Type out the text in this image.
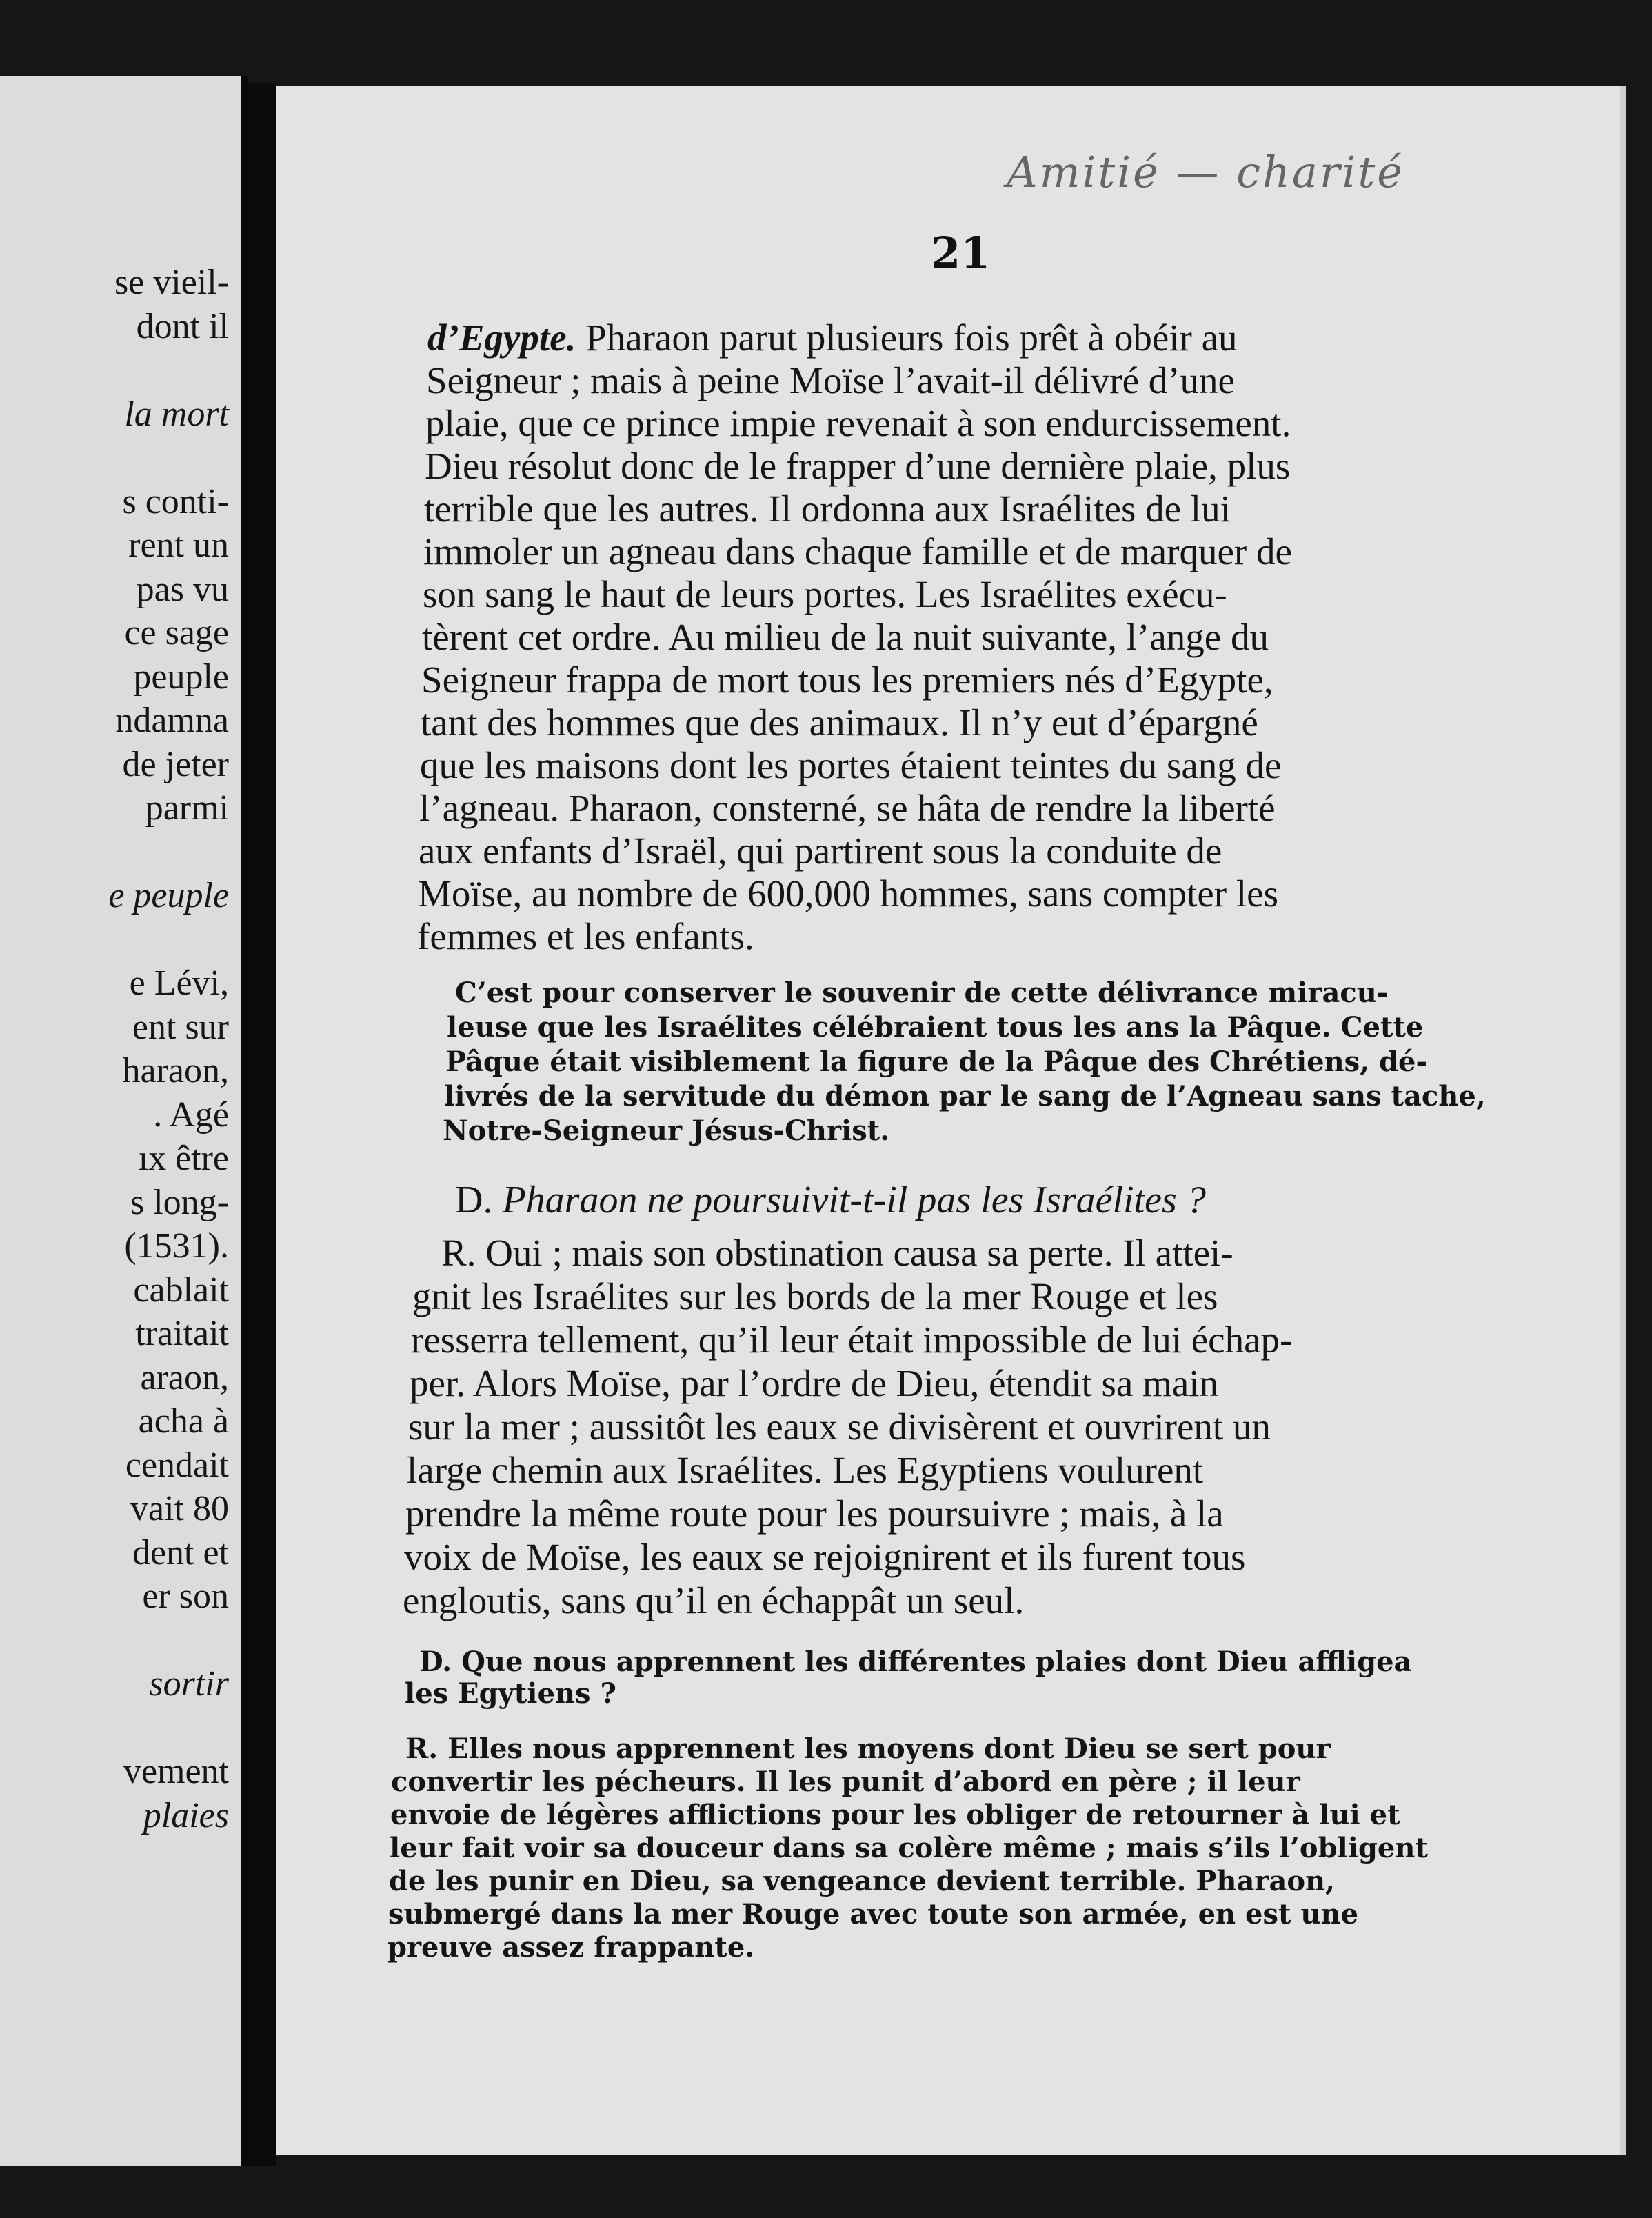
se vieil-
dont il
la mort
s conti-
rent un
pas vu
ce sage
peuple
ndamna
de jeter
parmi
e peuple
e Lévi,
ent sur
haraon,
. Agé
ıx être
s long-
(1531).
cablait
traitait
araon,
acha à
cendait
vait 80
dent et
er son
sortir
vement
plaies
Amitié — charité
21
d’Egypte. Pharaon parut plusieurs fois prêt à obéir au
Seigneur ; mais à peine Moïse l’avait-il délivré d’une
plaie, que ce prince impie revenait à son endurcissement.
Dieu résolut donc de le frapper d’une dernière plaie, plus
terrible que les autres. Il ordonna aux Israélites de lui
immoler un agneau dans chaque famille et de marquer de
son sang le haut de leurs portes. Les Israélites exécu-
tèrent cet ordre. Au milieu de la nuit suivante, l’ange du
Seigneur frappa de mort tous les premiers nés d’Egypte,
tant des hommes que des animaux. Il n’y eut d’épargné
que les maisons dont les portes étaient teintes du sang de
l’agneau. Pharaon, consterné, se hâta de rendre la liberté
aux enfants d’Israël, qui partirent sous la conduite de
Moïse, au nombre de 600,000 hommes, sans compter les
femmes et les enfants.
C’est pour conserver le souvenir de cette délivrance miracu-
leuse que les Israélites célébraient tous les ans la Pâque. Cette
Pâque était visiblement la figure de la Pâque des Chrétiens, dé-
livrés de la servitude du démon par le sang de l’Agneau sans tache,
Notre-Seigneur Jésus-Christ.
D. Pharaon ne poursuivit-t-il pas les Israélites ?
R. Oui ; mais son obstination causa sa perte. Il attei-
gnit les Israélites sur les bords de la mer Rouge et les
resserra tellement, qu’il leur était impossible de lui échap-
per. Alors Moïse, par l’ordre de Dieu, étendit sa main
sur la mer ; aussitôt les eaux se divisèrent et ouvrirent un
large chemin aux Israélites. Les Egyptiens voulurent
prendre la même route pour les poursuivre ; mais, à la
voix de Moïse, les eaux se rejoignirent et ils furent tous
engloutis, sans qu’il en échappât un seul.
D. Que nous apprennent les différentes plaies dont Dieu affligea
les Egytiens ?
R. Elles nous apprennent les moyens dont Dieu se sert pour
convertir les pécheurs. Il les punit d’abord en père ; il leur
envoie de légères afflictions pour les obliger de retourner à lui et
leur fait voir sa douceur dans sa colère même ; mais s’ils l’obligent
de les punir en Dieu, sa vengeance devient terrible. Pharaon,
submergé dans la mer Rouge avec toute son armée, en est une
preuve assez frappante.
